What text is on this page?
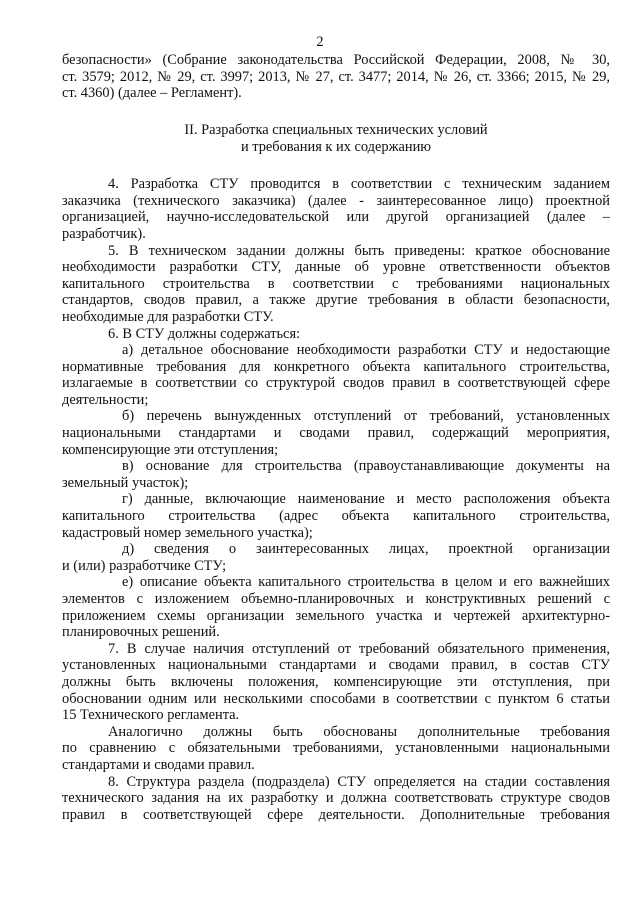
2
безопасности» (Собрание законодательства Российской Федерации, 2008, № 30,
ст. 3579; 2012, № 29, ст. 3997; 2013, № 27, ст. 3477; 2014, № 26, ст. 3366; 2015, № 29,
ст. 4360) (далее – Регламент).
II. Разработка специальных технических условий
и требования к их содержанию
4. Разработка СТУ проводится в соответствии с техническим заданием
заказчика (технического заказчика) (далее - заинтересованное лицо) проектной
организацией, научно-исследовательской или другой организацией (далее –
разработчик).
5. В техническом задании должны быть приведены: краткое обоснование
необходимости разработки СТУ, данные об уровне ответственности объектов
капитального строительства в соответствии с требованиями национальных
стандартов, сводов правил, а также другие требования в области безопасности,
необходимые для разработки СТУ.
6. В СТУ должны содержаться:
а) детальное обоснование необходимости разработки СТУ и недостающие
нормативные требования для конкретного объекта капитального строительства,
излагаемые в соответствии со структурой сводов правил в соответствующей сфере
деятельности;
б) перечень вынужденных отступлений от требований, установленных
национальными стандартами и сводами правил, содержащий мероприятия,
компенсирующие эти отступления;
в) основание для строительства (правоустанавливающие документы на
земельный участок);
г) данные, включающие наименование и место расположения объекта
капитального строительства (адрес объекта капитального строительства,
кадастровый номер земельного участка);
д) сведения о заинтересованных лицах, проектной организации
и (или) разработчике СТУ;
е) описание объекта капитального строительства в целом и его важнейших
элементов с изложением объемно-планировочных и конструктивных решений с
приложением схемы организации земельного участка и чертежей архитектурно-
планировочных решений.
7. В случае наличия отступлений от требований обязательного применения,
установленных национальными стандартами и сводами правил, в состав СТУ
должны быть включены положения, компенсирующие эти отступления, при
обосновании одним или несколькими способами в соответствии с пунктом 6 статьи
15 Технического регламента.
Аналогично должны быть обоснованы дополнительные требования
по сравнению с обязательными требованиями, установленными национальными
стандартами и сводами правил.
8. Структура раздела (подраздела) СТУ определяется на стадии составления
технического задания на их разработку и должна соответствовать структуре сводов
правил в соответствующей сфере деятельности. Дополнительные требования
